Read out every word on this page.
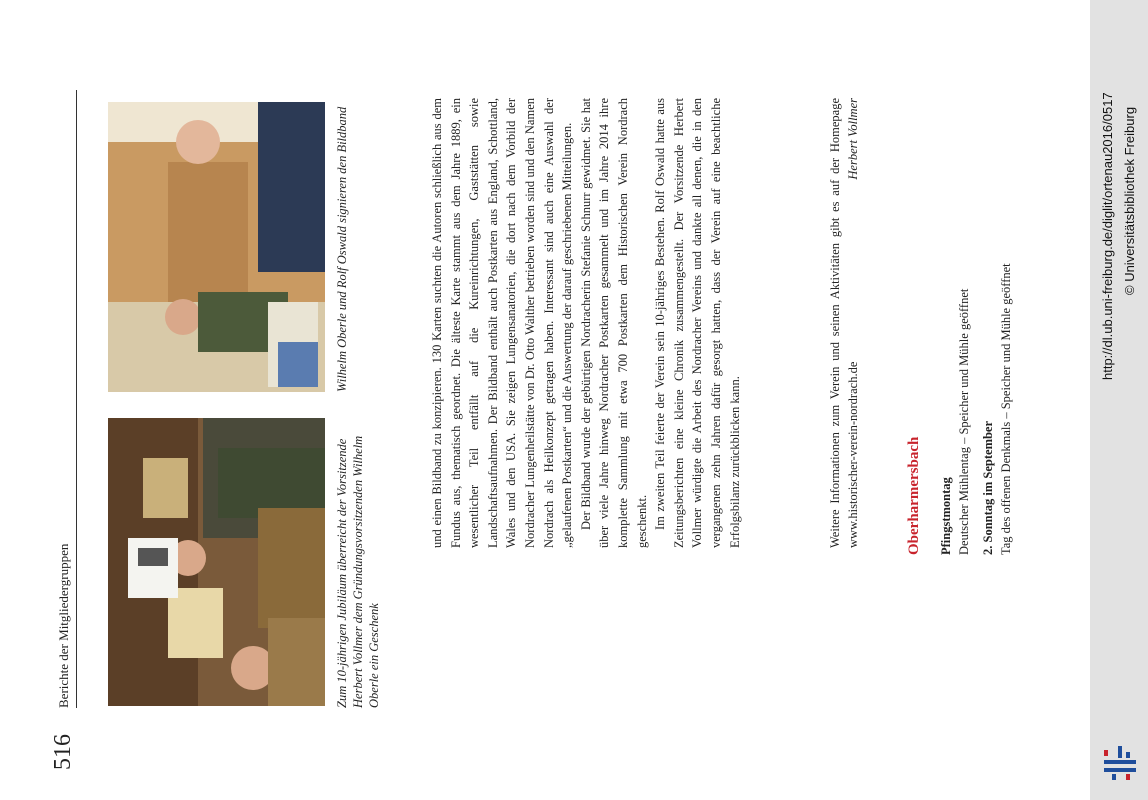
516
Berichte der Mitgliedergruppen	Zum 10-jährigen Jubiläum überreicht der Vorsitzende Herbert Vollmer dem Gründungsvorsitzenden Wilhelm Oberle ein Geschenk
Wilhelm Oberle und Rolf Oswald signieren den Bildband	und einen Bildband zu konzipieren. 130 Karten suchten die Autoren schließlich aus dem Fundus aus, thematisch geordnet. Die älteste Karte stammt aus dem Jahre 1889, ein wesentlicher Teil entfällt auf die Kureinrichtungen, Gaststätten sowie Landschaftsaufnahmen. Der Bildband enthält auch Postkarten aus England, Schottland, Wales und den USA. Sie zeigen Lungensanatorien, die dort nach dem Vorbild der Nordracher Lungenheilstätte von Dr. Otto Walther betrieben worden sind und den Namen Nordrach als Heilkonzept getragen haben. Interessant sind auch eine Auswahl der „gelaufenen Postkarten“ und die Auswertung der darauf geschriebenen Mitteilungen. Der Bildband wurde der gebürtigen Nordracherin Stefanie Schnurr gewidmet. Sie hat über viele Jahre hinweg Nordracher Postkarten gesammelt und im Jahre 2014 ihre komplette Sammlung mit etwa 700 Postkarten dem Historischen Verein Nordrach geschenkt. Im zweiten Teil feierte der Verein sein 10-jähriges Bestehen. Rolf Oswald hatte aus Zeitungsberichten eine kleine Chronik zusammengestellt. Der Vorsitzende Herbert Vollmer würdigte die Arbeit des Nordracher Vereins und dankte all denen, die in den vergangenen zehn Jahren dafür gesorgt hatten, dass der Verein auf eine beachtliche Erfolgsbilanz zurückblicken kann.	Weitere Informationen zum Verein und seinen Aktivitäten gibt es auf der Homepage www.historischer-verein-nordrach.de
Herbert Vollmer
Oberharmersbach Pfingstmontag Deutscher Mühlentag – Speicher und Mühle geöffnet 2. Sonntag im September Tag des offenen Denkmals – Speicher und Mühle geöffnet
http://dl.ub.uni-freiburg.de/diglit/ortenau2016/0517 © Universitätsbibliothek Freiburg
